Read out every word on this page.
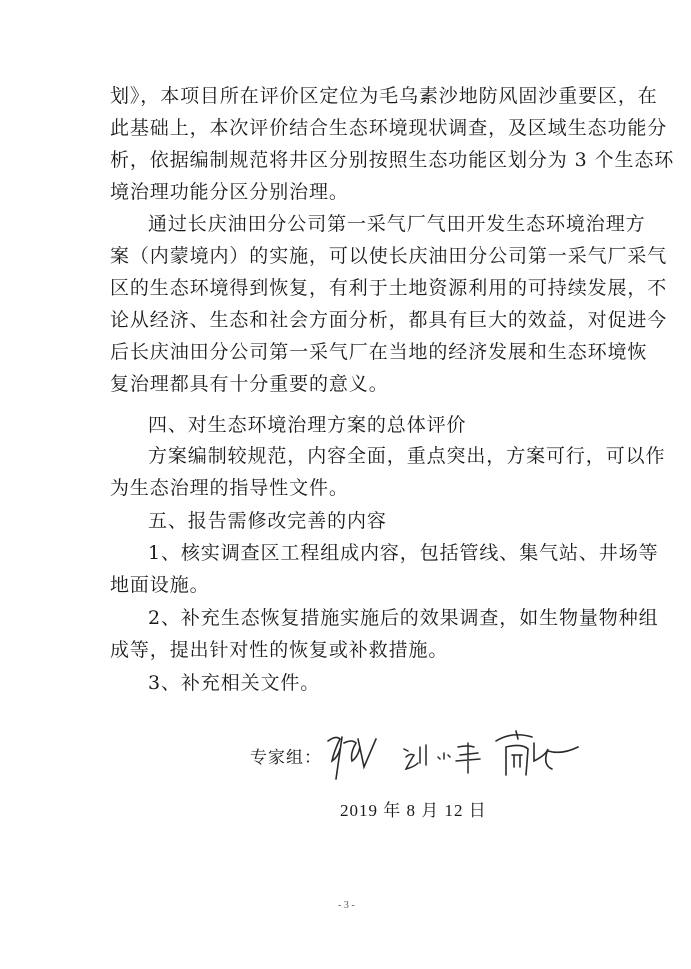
划》，本项目所在评价区定位为毛乌素沙地防风固沙重要区，在
此基础上，本次评价结合生态环境现状调查，及区域生态功能分
析，依据编制规范将井区分别按照生态功能区划分为 3 个生态环
境治理功能分区分别治理。
通过长庆油田分公司第一采气厂气田开发生态环境治理方
案（内蒙境内）的实施，可以使长庆油田分公司第一采气厂采气
区的生态环境得到恢复，有利于土地资源利用的可持续发展，不
论从经济、生态和社会方面分析，都具有巨大的效益，对促进今
后长庆油田分公司第一采气厂在当地的经济发展和生态环境恢
复治理都具有十分重要的意义。
四、对生态环境治理方案的总体评价
方案编制较规范，内容全面，重点突出，方案可行，可以作
为生态治理的指导性文件。
五、报告需修改完善的内容
1、核实调查区工程组成内容，包括管线、集气站、井场等
地面设施。
2、补充生态恢复措施实施后的效果调查，如生物量物种组
成等，提出针对性的恢复或补救措施。
3、补充相关文件。
专家组：
2019 年 8 月 12 日
- 3 -
